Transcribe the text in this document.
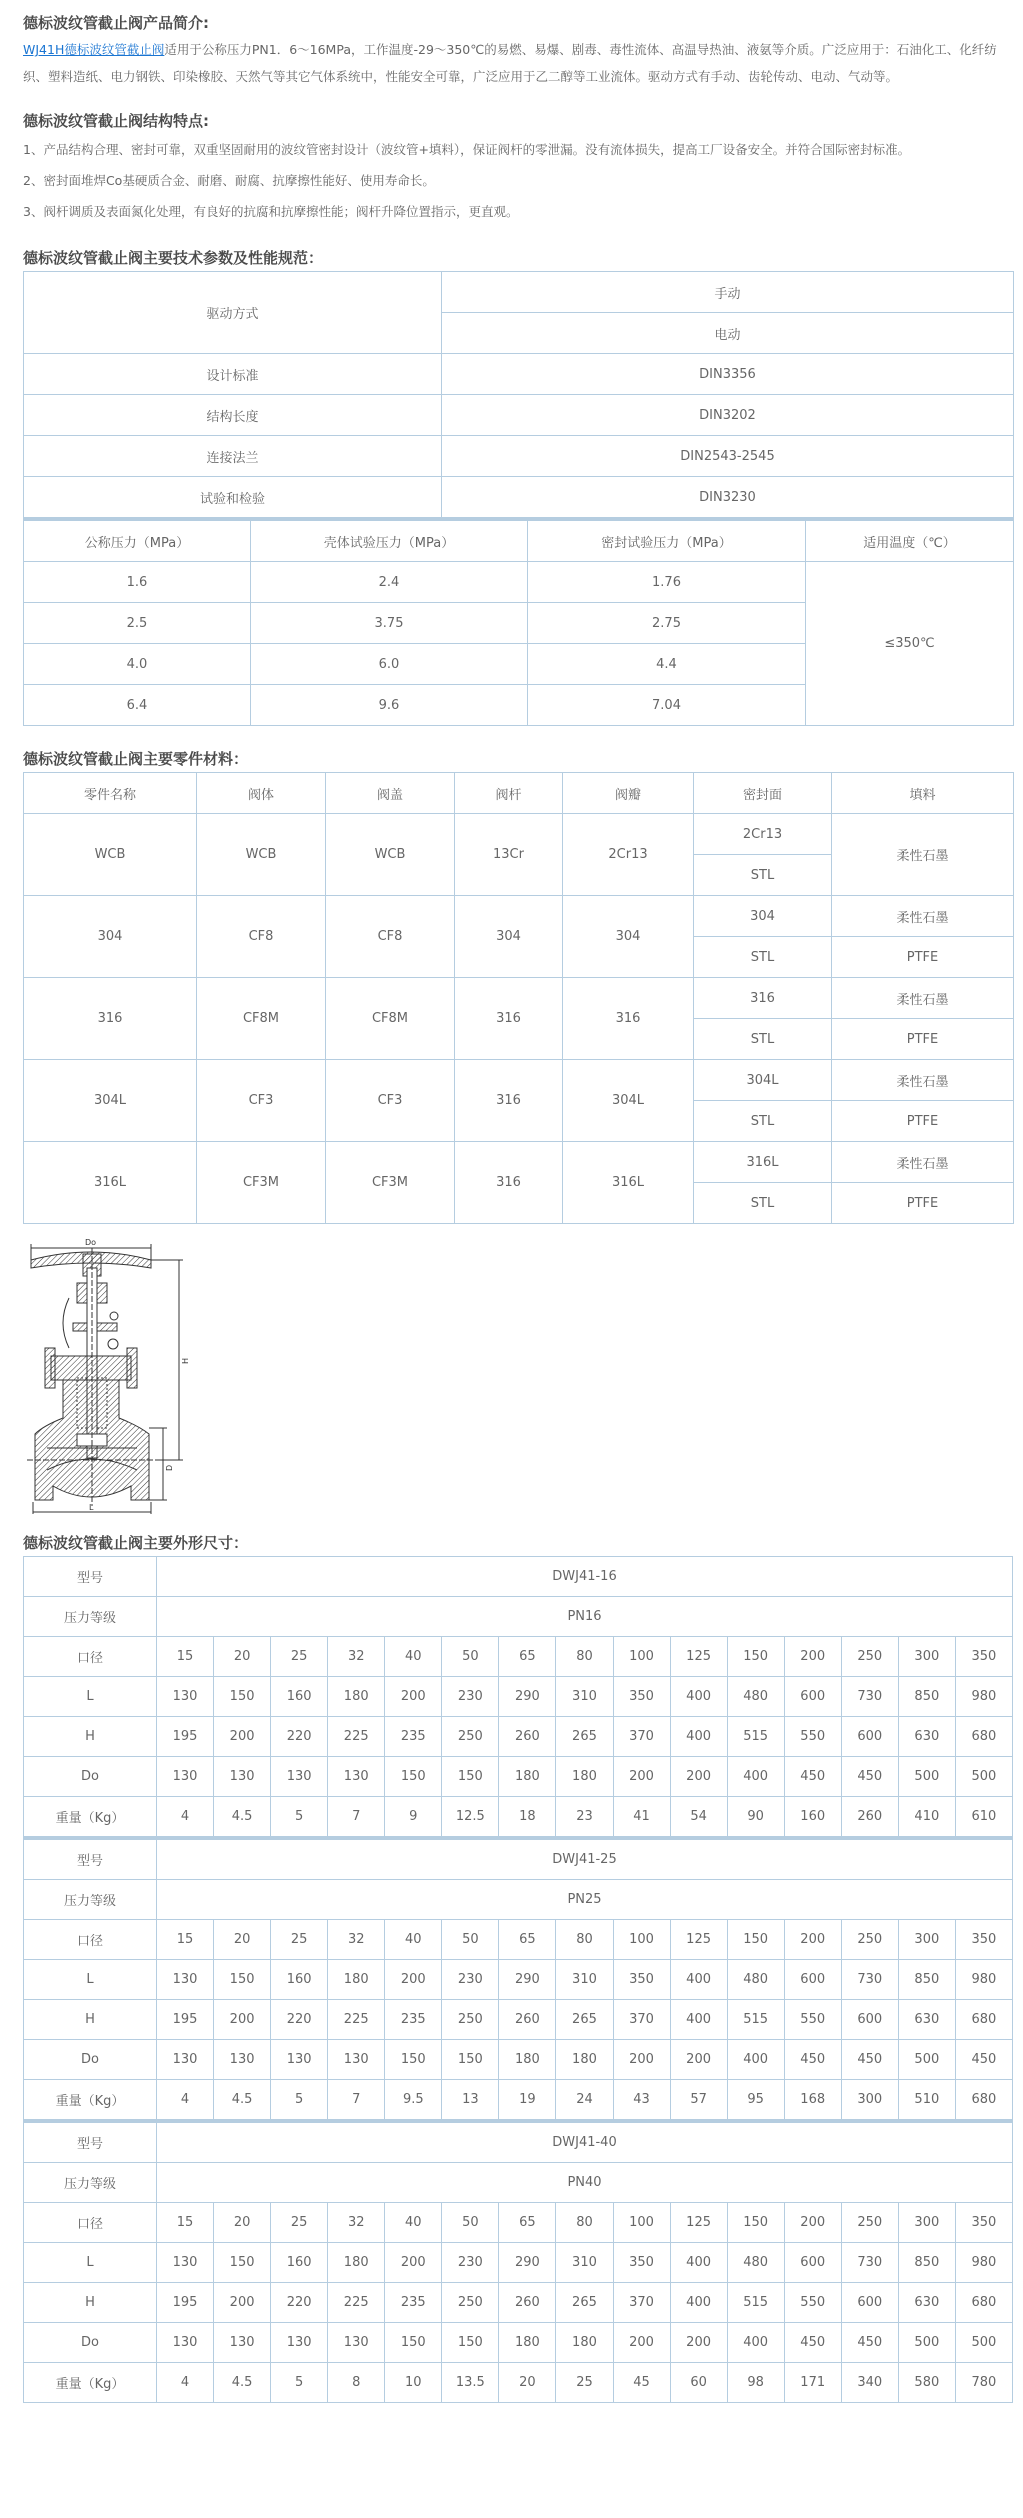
德标波纹管截止阀产品简介:

WJ41H德标波纹管截止阀适用于公称压力PN1．6～16MPa，工作温度-29～350℃的易燃、易爆、剧毒、毒性流体、高温导热油、液氨等介质。广泛应用于：石油化工、化纤纺织、塑料造纸、电力钢铁、印染橡胶、天然气等其它气体系统中，性能安全可靠，广泛应用于乙二醇等工业流体。驱动方式有手动、齿轮传动、电动、气动等。

德标波纹管截止阀结构特点:

1、产品结构合理、密封可靠，双重坚固耐用的波纹管密封设计（波纹管+填料），保证阀杆的零泄漏。没有流体损失，提高工厂设备安全。并符合国际密封标准。

2、密封面堆焊Co基硬质合金、耐磨、耐腐、抗摩擦性能好、使用寿命长。

3、阀杆调质及表面氮化处理，有良好的抗腐和抗摩擦性能；阀杆升降位置指示，更直观。

德标波纹管截止阀主要技术参数及性能规范：
驱动方式	手动
	电动
设计标准	DIN3356
结构长度	DIN3202
连接法兰	DIN2543-2545
试验和检验	DIN3230
公称压力（MPa）	壳体试验压力（MPa）	密封试验压力（MPa）	适用温度（℃）
1.6	2.4	1.76	≤350℃
2.5	3.75	2.75	
4.0	6.0	4.4	
6.4	9.6	7.04	
德标波纹管截止阀主要零件材料：
零件名称	阀体	阀盖	阀杆	阀瓣	密封面	填料
WCB	WCB	WCB	13Cr	2Cr13	2Cr13	柔性石墨
					STL	
304	CF8	CF8	304	304	304	柔性石墨
					STL	PTFE
316	CF8M	CF8M	316	316	316	柔性石墨
					STL	PTFE
304L	CF3	CF3	316	304L	304L	柔性石墨
					STL	PTFE
316L	CF3M	CF3M	316	316L	316L	柔性石墨
					STL	PTFE
Do
H
D
L
德标波纹管截止阀主要外形尺寸：
型号	DWJ41-16														
压力等级	PN16														
口径	15	20	25	32	40	50	65	80	100	125	150	200	250	300	350
L	130	150	160	180	200	230	290	310	350	400	480	600	730	850	980
H	195	200	220	225	235	250	260	265	370	400	515	550	600	630	680
Do	130	130	130	130	150	150	180	180	200	200	400	450	450	500	500
重量（Kg）	4	4.5	5	7	9	12.5	18	23	41	54	90	160	260	410	610
型号	DWJ41-25														
压力等级	PN25														
口径	15	20	25	32	40	50	65	80	100	125	150	200	250	300	350
L	130	150	160	180	200	230	290	310	350	400	480	600	730	850	980
H	195	200	220	225	235	250	260	265	370	400	515	550	600	630	680
Do	130	130	130	130	150	150	180	180	200	200	400	450	450	500	450
重量（Kg）	4	4.5	5	7	9.5	13	19	24	43	57	95	168	300	510	680
型号	DWJ41-40														
压力等级	PN40														
口径	15	20	25	32	40	50	65	80	100	125	150	200	250	300	350
L	130	150	160	180	200	230	290	310	350	400	480	600	730	850	980
H	195	200	220	225	235	250	260	265	370	400	515	550	600	630	680
Do	130	130	130	130	150	150	180	180	200	200	400	450	450	500	500
重量（Kg）	4	4.5	5	8	10	13.5	20	25	45	60	98	171	340	580	780
